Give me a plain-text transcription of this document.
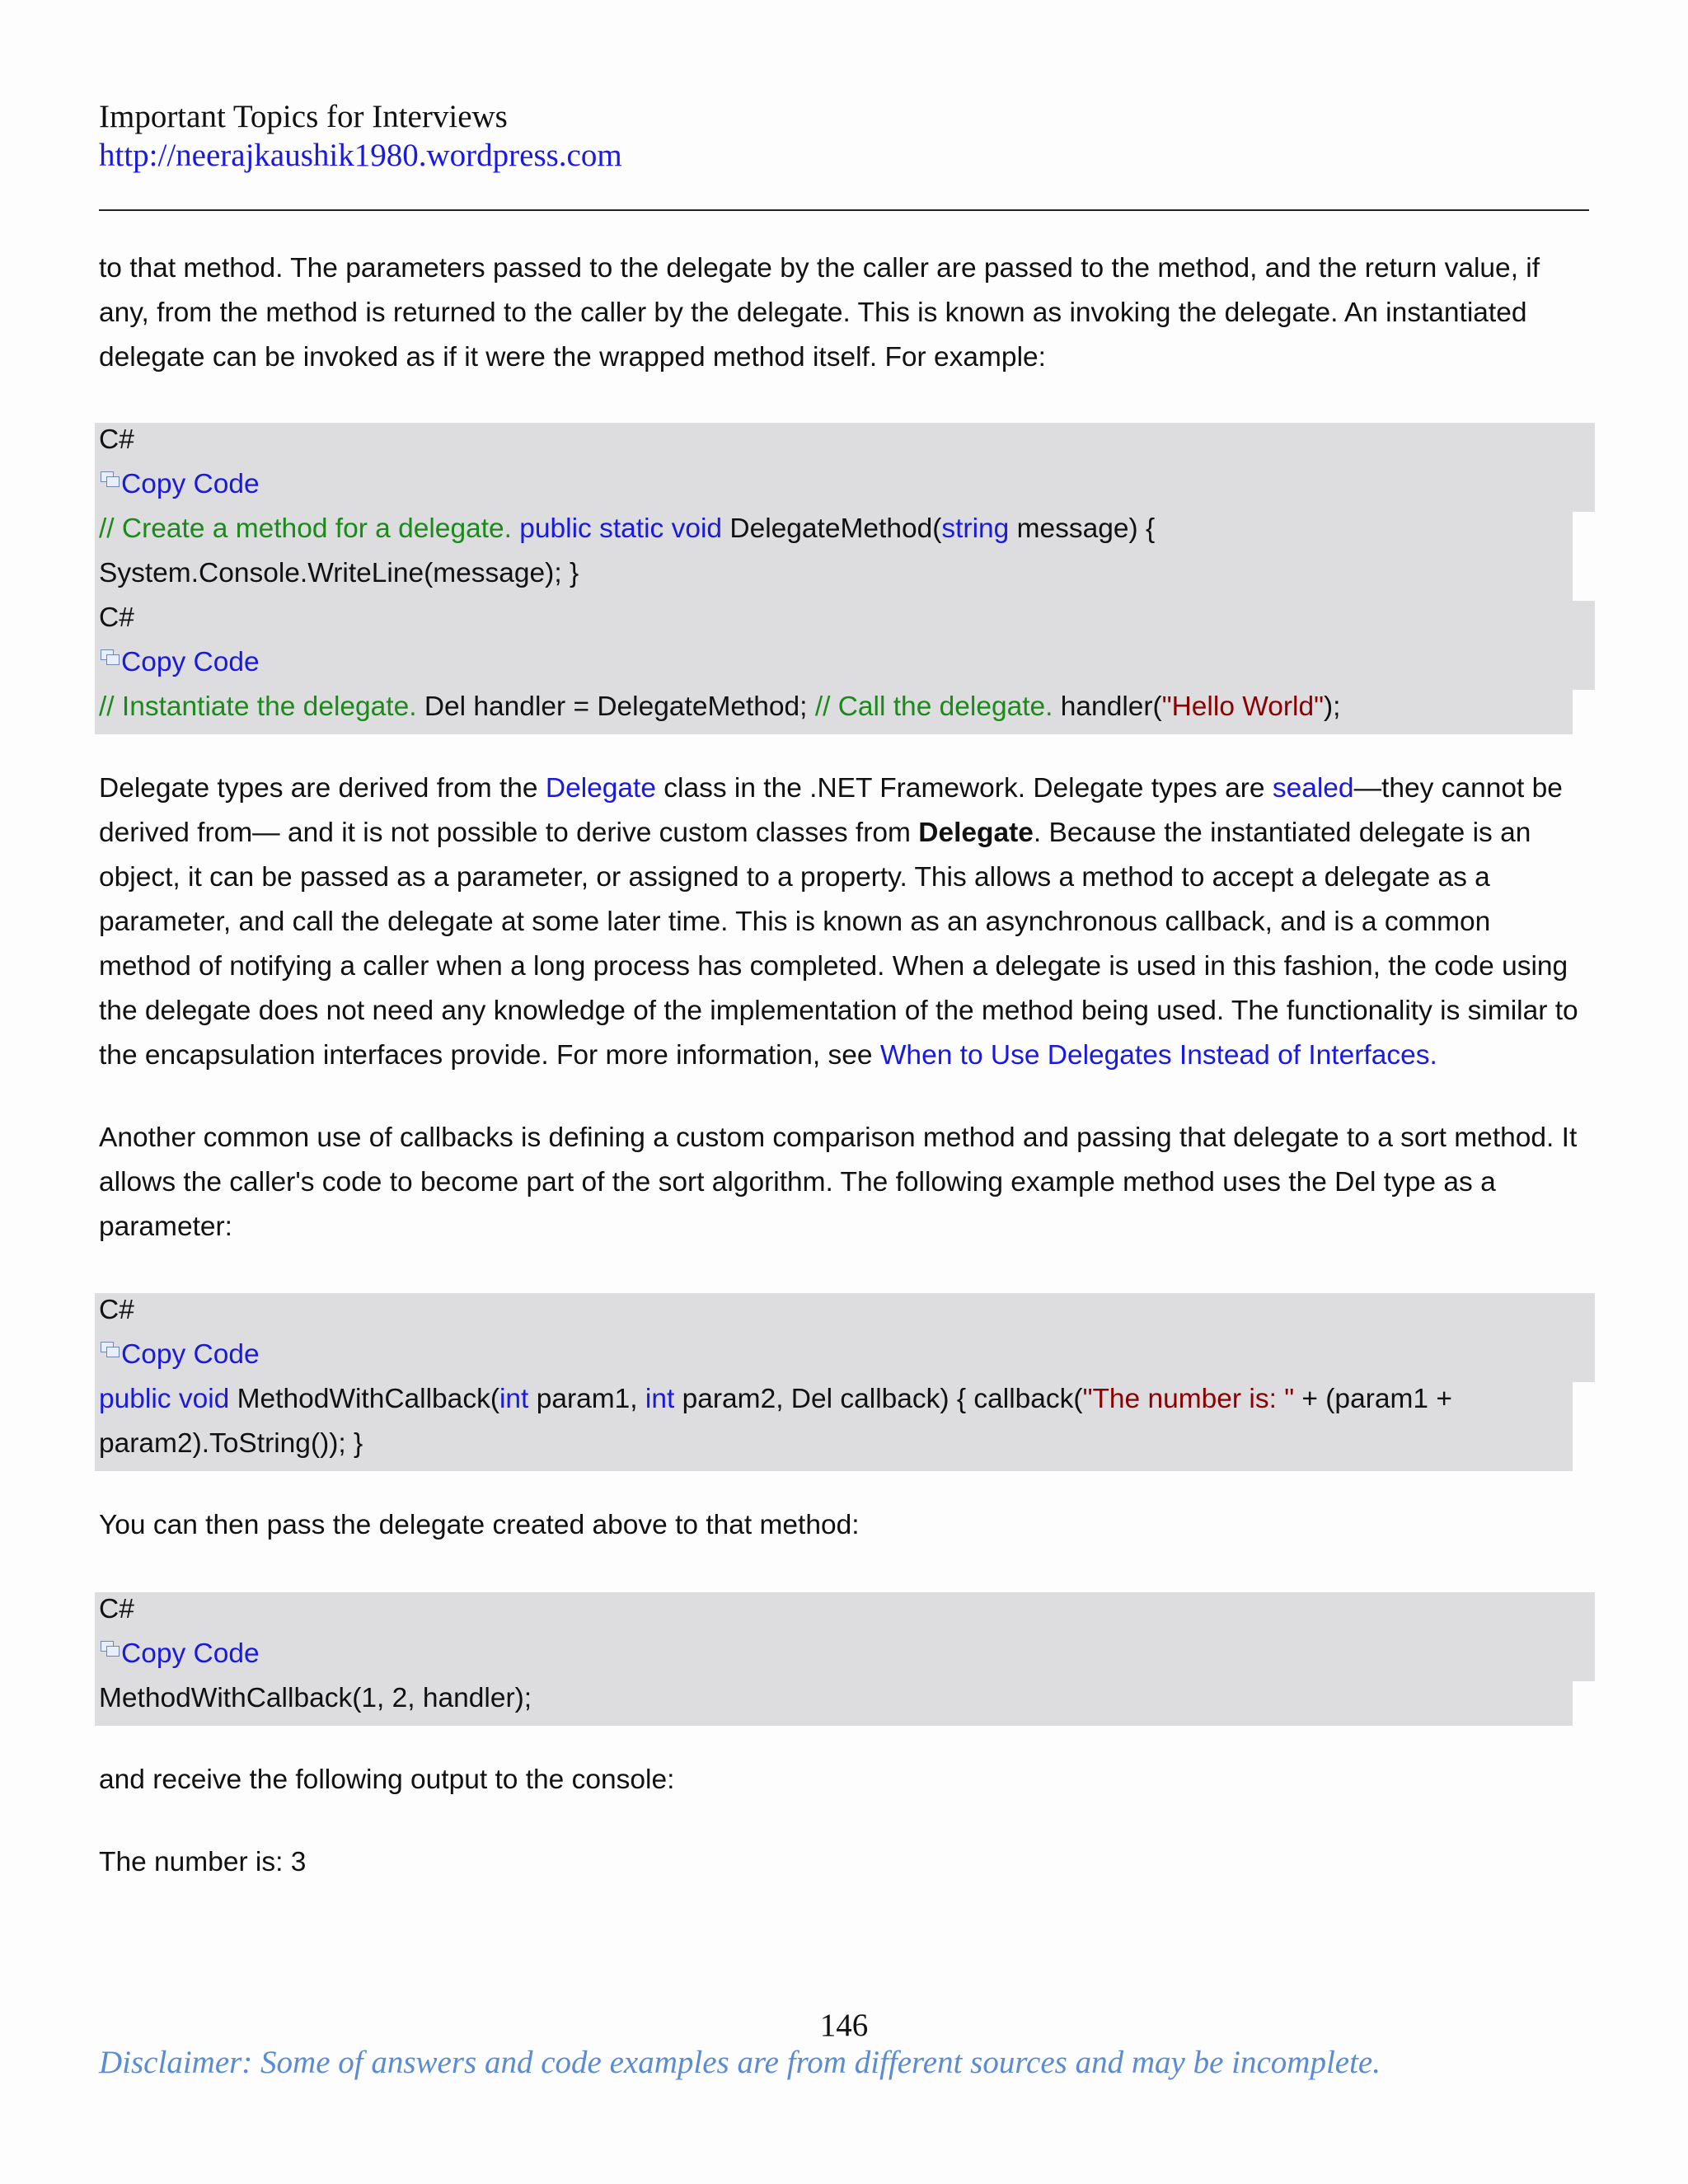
Important Topics for Interviews
http://neerajkaushik1980.wordpress.com
to that method. The parameters passed to the delegate by the caller are passed to the method, and the return value, if
any, from the method is returned to the caller by the delegate. This is known as invoking the delegate. An instantiated
delegate can be invoked as if it were the wrapped method itself. For example:
C#
Copy Code
// Create a method for a delegate. public static void DelegateMethod(string message) {
System.Console.WriteLine(message); }
C#
Copy Code
// Instantiate the delegate. Del handler = DelegateMethod; // Call the delegate. handler("Hello World");
Delegate types are derived from the Delegate class in the .NET Framework. Delegate types are sealed—they cannot be
derived from— and it is not possible to derive custom classes from Delegate. Because the instantiated delegate is an
object, it can be passed as a parameter, or assigned to a property. This allows a method to accept a delegate as a
parameter, and call the delegate at some later time. This is known as an asynchronous callback, and is a common
method of notifying a caller when a long process has completed. When a delegate is used in this fashion, the code using
the delegate does not need any knowledge of the implementation of the method being used. The functionality is similar to
the encapsulation interfaces provide. For more information, see When to Use Delegates Instead of Interfaces.
Another common use of callbacks is defining a custom comparison method and passing that delegate to a sort method. It
allows the caller's code to become part of the sort algorithm. The following example method uses the Del type as a
parameter:
C#
Copy Code
public void MethodWithCallback(int param1, int param2, Del callback) { callback("The number is: " + (param1 +
param2).ToString()); }
You can then pass the delegate created above to that method:
C#
Copy Code
MethodWithCallback(1, 2, handler);
and receive the following output to the console:
The number is: 3
146
Disclaimer: Some of answers and code examples are from different sources and may be incomplete.
